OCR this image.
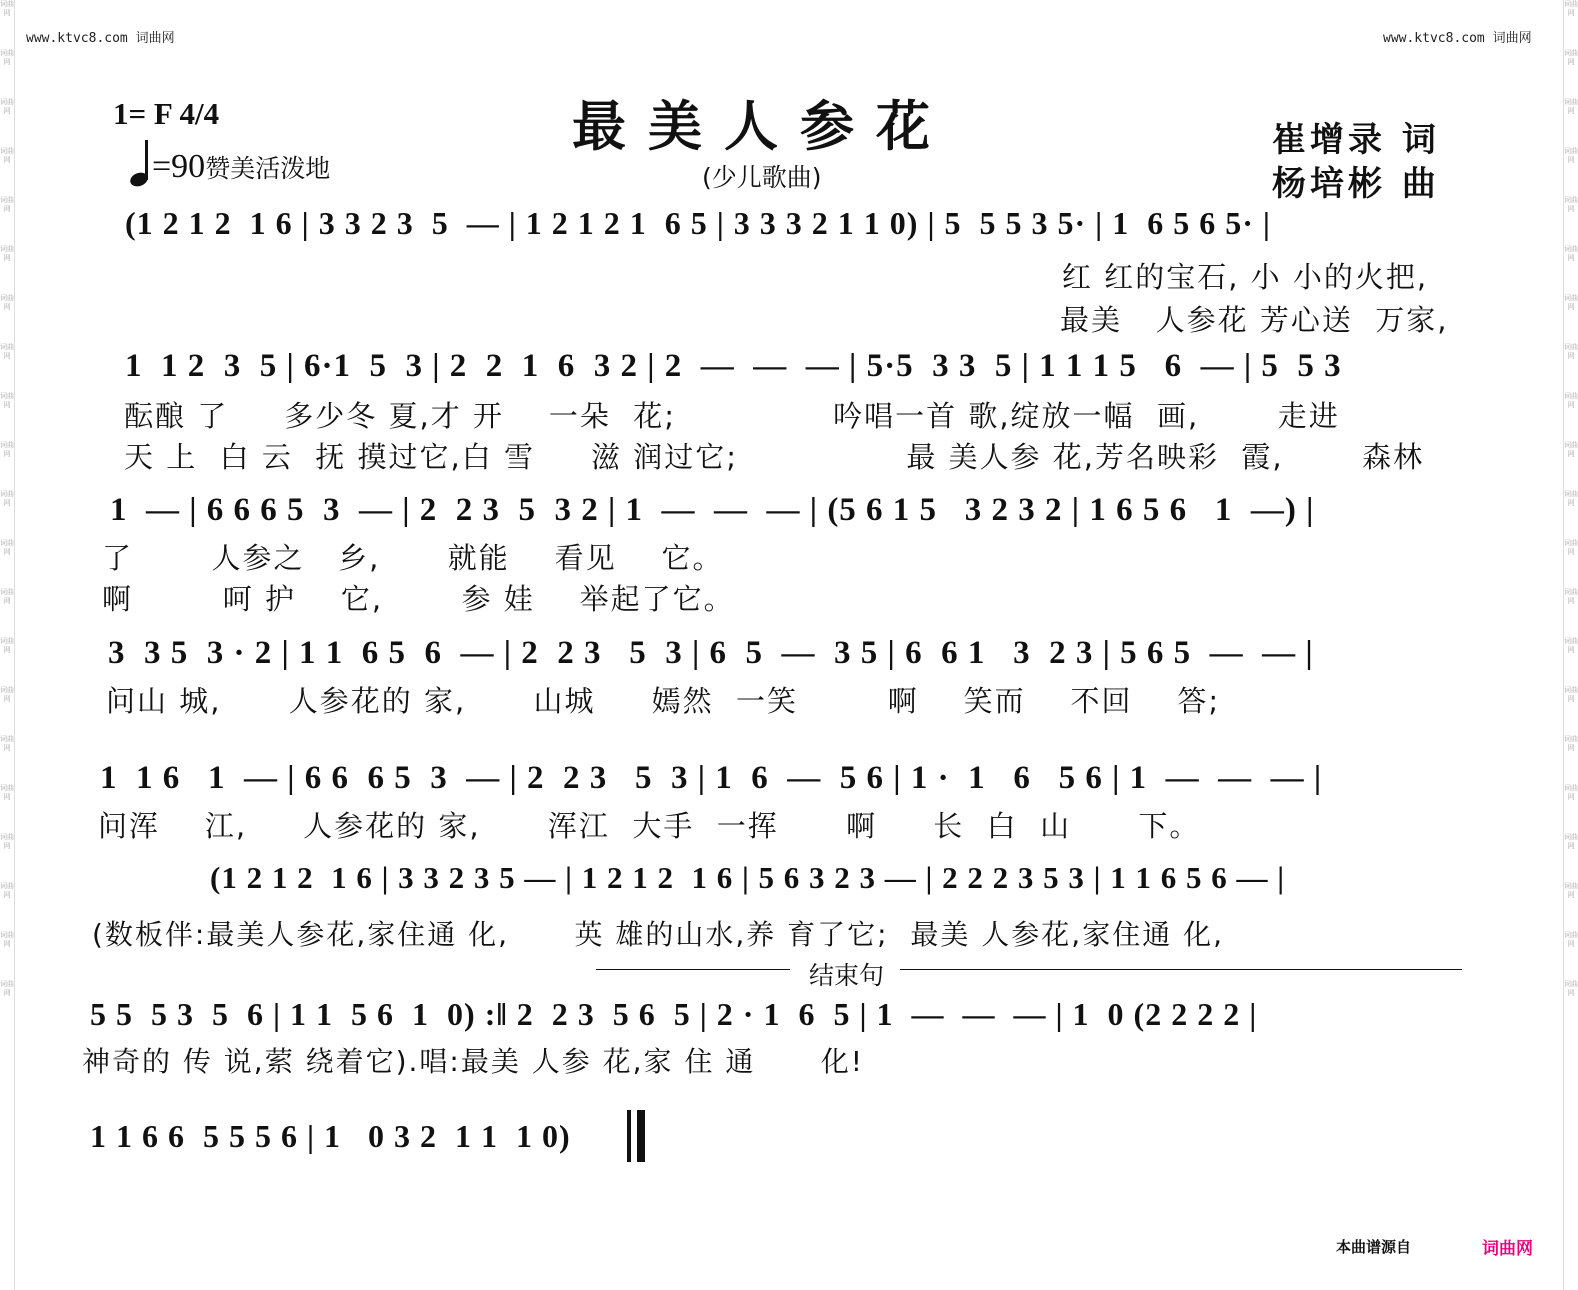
词曲网
词曲网
词曲网
词曲网
词曲网
词曲网
词曲网
词曲网
词曲网
词曲网
词曲网
词曲网
词曲网
词曲网
词曲网
词曲网
词曲网
词曲网
词曲网
词曲网
词曲网
词曲网
词曲网
词曲网
词曲网
词曲网
词曲网
词曲网
词曲网
词曲网
词曲网
词曲网
词曲网
词曲网
词曲网
词曲网
词曲网
词曲网
词曲网
词曲网
词曲网
词曲网
www.ktvc8.com 词曲网	www.ktvc8.com 词曲网
1= F 4/4
=90赞美活泼地
最美人参花
(少儿歌曲)
崔增录 词
杨培彬 曲
(1 2 1 2  1 6 | 3 3 2 3  5  — | 1 2 1 2 1  6 5 | 3 3 3 2 1 1 0) | 5  5 5 3 5· | 1  6 5 6 5· |
红 红的宝石, 小 小的火把,
最美   人参花 芳心送  万家,
1  1 2  3  5 | 6·1  5  3 | 2  2  1  6  3 2 | 2  —  —  — | 5·5  3 3  5 | 1 1 1 5   6  — | 5  5 3
酝酿 了     多少冬 夏,才 开    一朵  花;              吟唱一首 歌,绽放一幅  画,       走进
天 上  白 云  抚 摸过它,白 雪     滋 润过它;               最 美人参 花,芳名映彩  霞,       森林
1  — | 6 6 6 5  3  — | 2  2 3  5  3 2 | 1  —  —  — | (5 6 1 5   3 2 3 2 | 1 6 5 6   1  —) |
了       人参之   乡,      就能    看见    它。
啊        呵 护    它,       参 娃    举起了它。
3  3 5  3 · 2 | 1 1  6 5  6  — | 2  2 3   5  3 | 6  5  —  3 5 | 6  6 1   3  2 3 | 5 6 5  —  — |
问山 城,      人参花的 家,      山城     嫣然  一笑        啊    笑而    不回    答;
1  1 6   1  — | 6 6  6 5  3  — | 2  2 3   5  3 | 1  6  —  5 6 | 1 ·  1   6   5 6 | 1  —  —  — |
问浑    江,     人参花的 家,      浑江  大手  一挥      啊     长  白  山      下。
(1 2 1 2  1 6 | 3 3 2 3 5 — | 1 2 1 2  1 6 | 5 6 3 2 3 — | 2 2 2 3 5 3 | 1 1 6 5 6 — |
(数板伴:最美人参花,家住通 化,      英 雄的山水,养 育了它;  最美 人参花,家住通 化,
结束句
5 5  5 3  5  6 | 1 1  5 6  1  0) :‖ 2  2 3  5 6  5 | 2 · 1  6  5 | 1  —  —  — | 1  0 (2 2 2 2 |
神奇的 传 说,萦 绕着它).唱:最美 人参 花,家 住 通      化!
1 1 6 6  5 5 5 6 | 1   0 3 2  1 1  1 0)
本曲谱源自	词曲网
